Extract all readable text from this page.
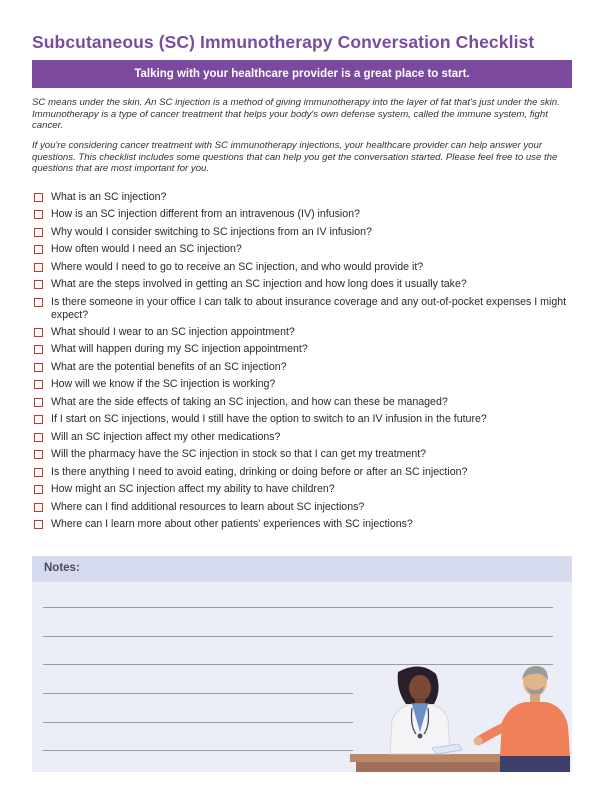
Subcutaneous (SC) Immunotherapy Conversation Checklist
Talking with your healthcare provider is a great place to start.

SC means under the skin. An SC injection is a method of giving immunotherapy into the layer of fat that's just under the skin. Immunotherapy is a type of cancer treatment that helps your body's own defense system, called the immune system, fight cancer.

If you're considering cancer treatment with SC immunotherapy injections, your healthcare provider can help answer your questions. This checklist includes some questions that can help you get the conversation started. Please feel free to use the questions that are most important for you.

What is an SC injection?
How is an SC injection different from an intravenous (IV) infusion?
Why would I consider switching to SC injections from an IV infusion?
How often would I need an SC injection?
Where would I need to go to receive an SC injection, and who would provide it?
What are the steps involved in getting an SC injection and how long does it usually take?
Is there someone in your office I can talk to about insurance coverage and any out-of-pocket expenses I might expect?
What should I wear to an SC injection appointment?
What will happen during my SC injection appointment?
What are the potential benefits of an SC injection?
How will we know if the SC injection is working?
What are the side effects of taking an SC injection, and how can these be managed?
If I start on SC injections, would I still have the option to switch to an IV infusion in the future?
Will an SC injection affect my other medications?
Will the pharmacy have the SC injection in stock so that I can get my treatment?
Is there anything I need to avoid eating, drinking or doing before or after an SC injection?
How might an SC injection affect my ability to have children?
Where can I find additional resources to learn about SC injections?
Where can I learn more about other patients' experiences with SC injections?
Notes:
